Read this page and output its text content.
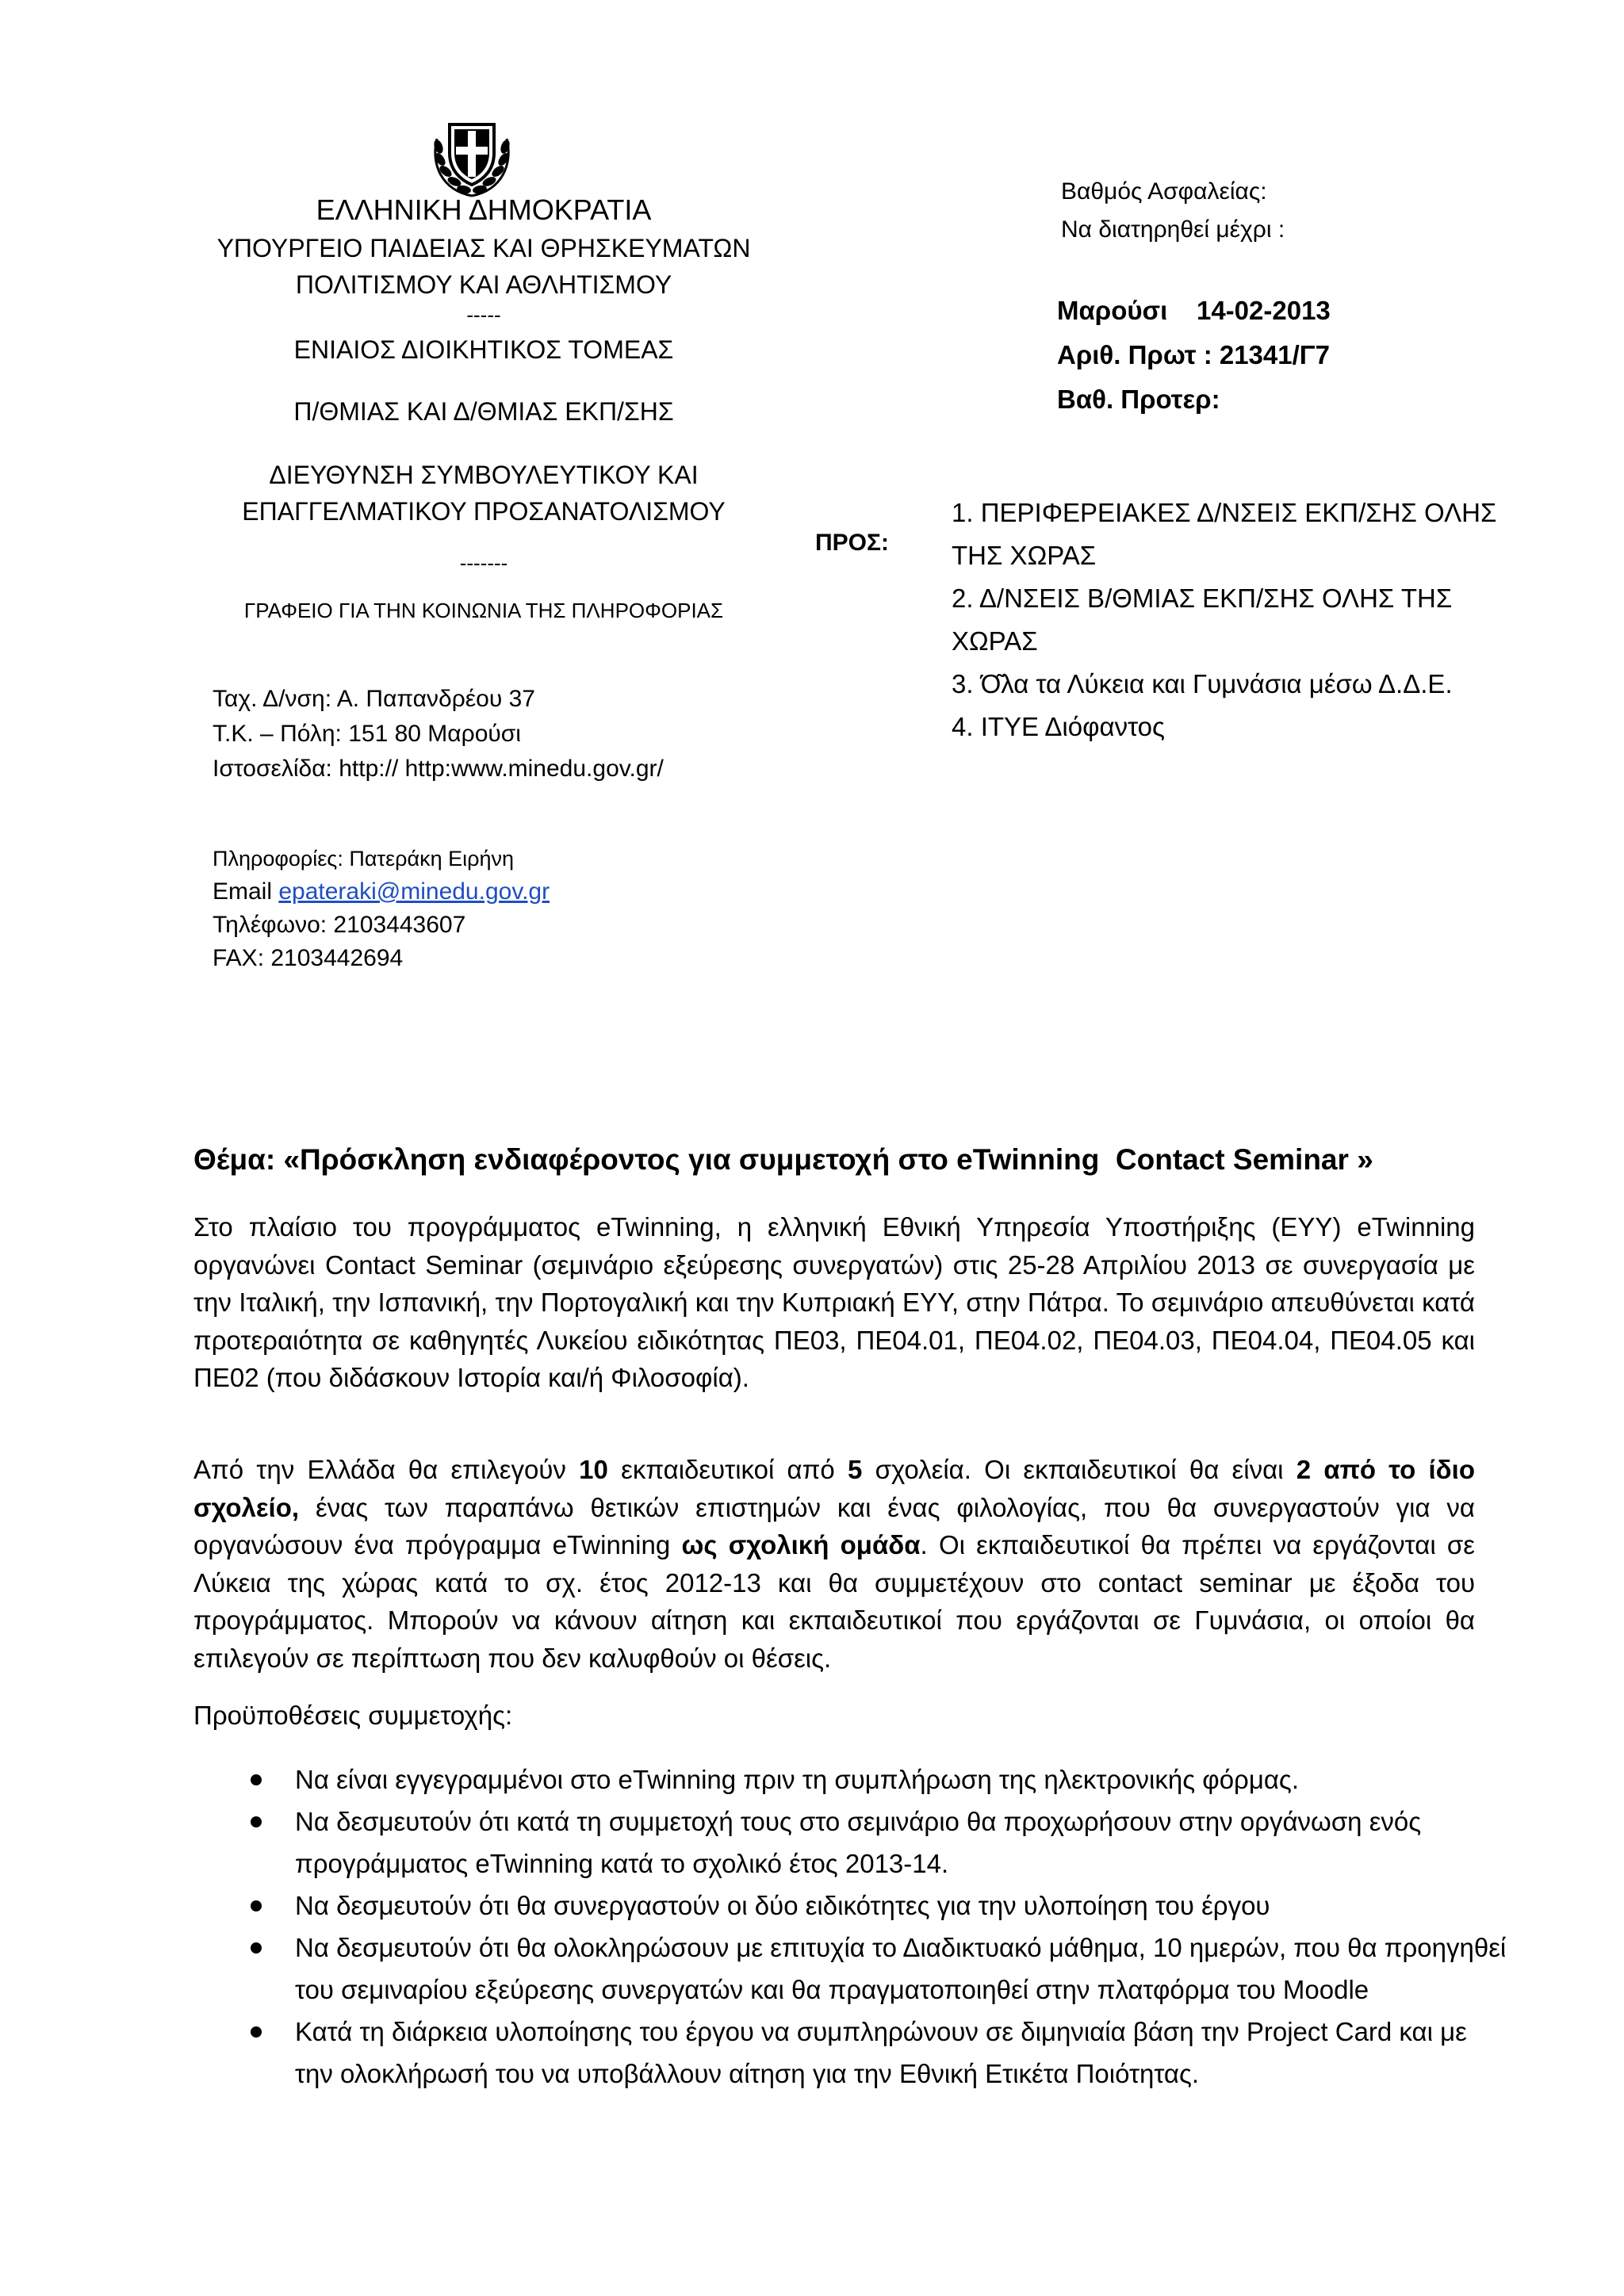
ΕΛΛΗΝΙΚΗ ΔΗΜΟΚΡΑΤΙΑ
ΥΠΟΥΡΓΕΙΟ ΠΑΙΔΕΙΑΣ ΚΑΙ ΘΡΗΣΚΕΥΜΑΤΩΝ
ΠΟΛΙΤΙΣΜΟΥ ΚΑΙ ΑΘΛΗΤΙΣΜΟΥ
-----
ΕΝΙΑΙΟΣ ΔΙΟΙΚΗΤΙΚΟΣ ΤΟΜΕΑΣ
Π/ΘΜΙΑΣ ΚΑΙ Δ/ΘΜΙΑΣ ΕΚΠ/ΣΗΣ
ΔΙΕΥΘΥΝΣΗ ΣΥΜΒΟΥΛΕΥΤΙΚΟΥ ΚΑΙ
ΕΠΑΓΓΕΛΜΑΤΙΚΟΥ ΠΡΟΣΑΝΑΤΟΛΙΣΜΟΥ
-------
ΓΡΑΦΕΙΟ ΓΙΑ ΤΗΝ ΚΟΙΝΩΝΙΑ ΤΗΣ ΠΛΗΡΟΦΟΡΙΑΣ
Βαθμός Ασφαλείας:
Να διατηρηθεί μέχρι :
Μαρούσι    14-02-2013
Αριθ. Πρωτ : 21341/Γ7
Βαθ. Προτερ:
ΠΡΟΣ:

1. ΠΕΡΙΦΕΡΕΙΑΚΕΣ Δ/ΝΣΕΙΣ ΕΚΠ/ΣΗΣ ΟΛΗΣ ΤΗΣ ΧΩΡΑΣ

2. Δ/ΝΣΕΙΣ Β/ΘΜΙΑΣ ΕΚΠ/ΣΗΣ ΟΛΗΣ ΤΗΣ ΧΩΡΑΣ

3. Ό͂λα τα Λύκεια και Γυμνάσια μέσω Δ.Δ.Ε.

4. ΙΤΥΕ Διόφαντος

Ταχ. Δ/νση: Α. Παπανδρέου 37
Τ.Κ. – Πόλη: 151 80 Μαρούσι
Ιστοσελίδα: http:// http:www.minedu.gov.gr/
Πληροφορίες: Πατεράκη Ειρήνη
Email epateraki@minedu.gov.gr
Τηλέφωνο: 2103443607
FAX: 2103442694
Θέμα: «Πρόσκληση ενδιαφέροντος για συμμετοχή στο eTwinning  Contact Seminar »
Στο πλαίσιο του προγράμματος eTwinning, η ελληνική Εθνική Υπηρεσία Υποστήριξης (ΕΥΥ) eTwinning οργανώνει Contact Seminar (σεμινάριο εξεύρεσης συνεργατών) στις 25-28 Απριλίου 2013 σε συνεργασία με την Ιταλική, την Ισπανική, την Πορτογαλική και την Κυπριακή ΕΥΥ, στην Πάτρα. Το σεμινάριο απευθύνεται κατά προτεραιότητα σε καθηγητές Λυκείου ειδικότητας ΠΕ03, ΠΕ04.01, ΠΕ04.02, ΠΕ04.03, ΠΕ04.04, ΠΕ04.05 και ΠΕ02 (που διδάσκουν Ιστορία και/ή Φιλοσοφία).
Από την Ελλάδα θα επιλεγούν 10 εκπαιδευτικοί από 5 σχολεία. Οι εκπαιδευτικοί θα είναι 2 από το ίδιο σχολείο, ένας των παραπάνω θετικών επιστημών και ένας φιλολογίας, που θα συνεργαστούν για να οργανώσουν ένα πρόγραμμα eTwinning ως σχολική ομάδα. Οι εκπαιδευτικοί θα πρέπει να εργάζονται σε Λύκεια της χώρας κατά το σχ. έτος 2012-13 και θα συμμετέχουν στο contact seminar με έξοδα του προγράμματος. Μπορούν να κάνουν αίτηση και εκπαιδευτικοί που εργάζονται σε Γυμνάσια, οι οποίοι θα επιλεγούν σε περίπτωση που δεν καλυφθούν οι θέσεις.
Προϋποθέσεις συμμετοχής:
Να είναι εγγεγραμμένοι στο eTwinning πριν τη συμπλήρωση της ηλεκτρονικής φόρμας.
Να δεσμευτούν ότι κατά τη συμμετοχή τους στο σεμινάριο θα προχωρήσουν στην οργάνωση ενός προγράμματος eTwinning κατά το σχολικό έτος 2013-14.
Να δεσμευτούν ότι θα συνεργαστούν οι δύο ειδικότητες για την υλοποίηση του έργου
Να δεσμευτούν ότι θα ολοκληρώσουν με επιτυχία το Διαδικτυακό μάθημα, 10 ημερών, που θα προηγηθεί του σεμιναρίου εξεύρεσης συνεργατών και θα πραγματοποιηθεί στην πλατφόρμα του Moodle
Κατά τη διάρκεια υλοποίησης του έργου να συμπληρώνουν σε διμηνιαία βάση την Project Card και με την ολοκλήρωσή του να υποβάλλουν αίτηση για την Εθνική Ετικέτα Ποιότητας.
